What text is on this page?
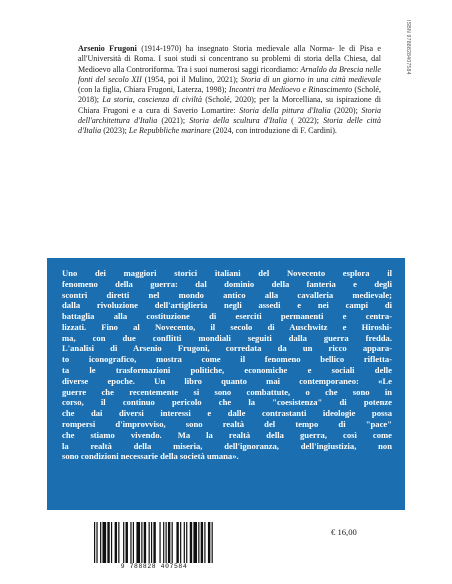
Arsenio Frugoni (1914-1970) ha insegnato Storia medievale alla Norma- le di Pisa e all'Università di Roma. I suoi studi si concentrano su problemi di storia della Chiesa, dal Medioevo alla Controriforma. Tra i suoi numerosi saggi ricordiamo: Arnaldo da Brescia nelle fonti del secolo XII (1954, poi il Mulino, 2021); Storia di un giorno in una città medievale (con la figlia, Chiara Frugoni, Laterza, 1998); Incontri tra Medioevo e Rinascimento (Scholé, 2018); La storia, coscienza di civiltà (Scholé, 2020); per la Morcelliana, su ispirazione di Chiara Frugoni e a cura di Saverio Lomartire: Storia della pittura d'Italia (2020); Storia dell'architettura d'Italia (2021); Storia della scultura d'Italia ( 2022); Storia delle città d'Italia (2023); Le Repubbliche marinare (2024, con introduzione di F. Cardini).
ISBN 9788828407584
Uno dei maggiori storici italiani del Novecento esplora il
fenomeno della guerra: dal dominio della fanteria e degli
scontri diretti nel mondo antico alla cavalleria medievale;
dalla rivoluzione dell'artiglieria negli assedi e nei campi di
battaglia alla costituzione di eserciti permanenti e centra-
lizzati. Fino al Novecento, il secolo di Auschwitz e Hiroshi-
ma, con due conflitti mondiali seguiti dalla guerra fredda.
L'analisi di Arsenio Frugoni, corredata da un ricco appara-
to iconografico, mostra come il fenomeno bellico rifletta-
ta le trasformazioni politiche, economiche e sociali delle
diverse epoche. Un libro quanto mai contemporaneo: «Le
guerre che recentemente si sono combattute, o che sono in
corso, il continuo pericolo che la "coesistenza" di potenze
che dai diversi interessi e dalle contrastanti ideologie possa
rompersi d'improvviso, sono realtà del tempo di "pace"
che stiamo vivendo. Ma la realtà della guerra, così come
la realtà della miseria, dell'ignoranza, dell'ingiustizia, non
sono condizioni necessarie della società umana».
9 788828 407584
€ 16,00
